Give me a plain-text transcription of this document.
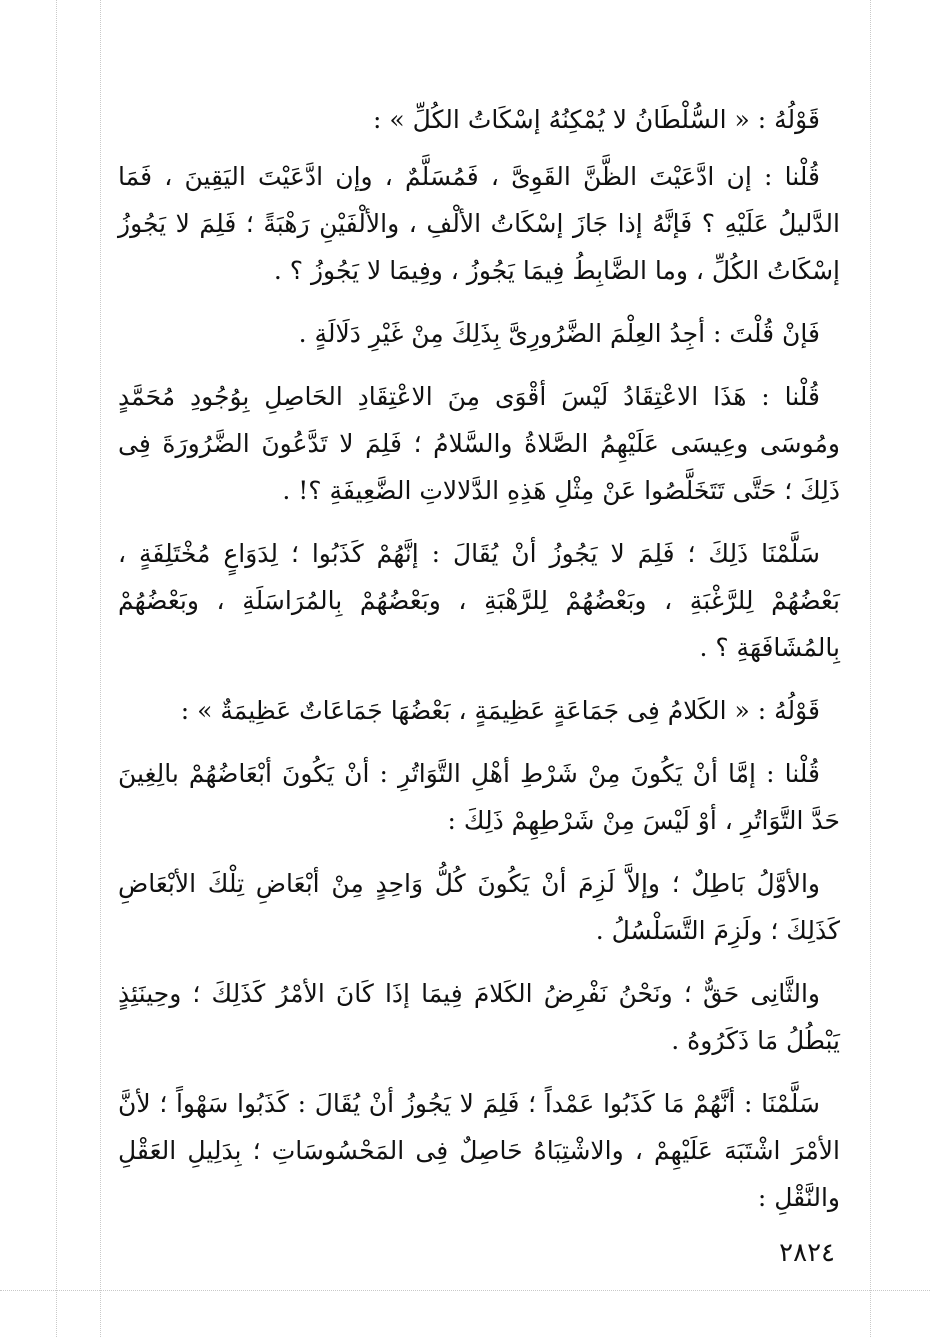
قَوْلُهُ : « السُّلْطَانُ لا يُمْكِنُهُ إسْكَاتُ الكُلِّ » :

قُلْنا : إن ادَّعَيْتَ الظَّنَّ القَوِىَّ ، فَمُسَلَّمٌ ، وإن ادَّعَيْتَ اليَقِينَ ، فَمَا الدَّليلُ عَلَيْهِ ؟ فَإنَّهُ إذا جَازَ إسْكَاتُ الألْفِ ، والألْفَيْنِ رَهْبَةً ؛ فَلِمَ لا يَجُوزُ إسْكَاتُ الكُلِّ ، وما الضَّابِطُ فِيمَا يَجُوزُ ، وفِيمَا لا يَجُوزُ ؟ .

فَإنْ قُلْتَ : أجِدُ العِلْمَ الضَّرُورِىَّ بِذَلِكَ مِنْ غَيْرِ دَلَالَةٍ .

قُلْنا : هَذَا الاعْتِقَادُ لَيْسَ أقْوَى مِنَ الاعْتِقَادِ الحَاصِلِ بِوُجُودِ مُحَمَّدٍ ومُوسَى وعِيسَى عَلَيْهِمُ الصَّلاةُ والسَّلامُ ؛ فَلِمَ لا تَدَّعُونَ الضَّرُورَةَ فِى ذَلِكَ ؛ حَتَّى تَتَخَلَّصُوا عَنْ مِثْلِ هَذِهِ الدَّلالاتِ الضَّعِيفَةِ ؟! .

سَلَّمْنَا ذَلِكَ ؛ فَلِمَ لا يَجُوزُ أنْ يُقَالَ : إنَّهُمْ كَذَبُوا ؛ لِدَوَاعٍ مُخْتَلِفَةٍ ، بَعْضُهُمْ لِلرَّغْبَةِ ، وبَعْضُهُمْ لِلرَّهْبَةِ ، وبَعْضُهُمْ بِالمُرَاسَلَةِ ، وبَعْضُهُمْ بِالمُشَافَهَةِ ؟ .

قَوْلُهُ : « الكَلامُ فِى جَمَاعَةٍ عَظِيمَةٍ ، بَعْضُهَا جَمَاعَاتٌ عَظِيمَةٌ » :

قُلْنا : إمَّا أنْ يَكُونَ مِنْ شَرْطِ أهْلِ التَّوَاتُرِ : أنْ يَكُونَ أبْعَاضُهُمْ بالِغِينَ حَدَّ التَّوَاتُرِ ، أوْ لَيْسَ مِنْ شَرْطِهِمْ ذَلِكَ :

والأوَّلُ بَاطِلٌ ؛ وإلاَّ لَزِمَ أنْ يَكُونَ كُلُّ وَاحِدٍ مِنْ أبْعَاضِ تِلْكَ الأبْعَاضِ كَذَلِكَ ؛ ولَزِمَ التَّسَلْسُلُ .

والثَّانِى حَقٌّ ؛ ونَحْنُ نَفْرِضُ الكَلامَ فِيمَا إذَا كَانَ الأمْرُ كَذَلِكَ ؛ وحِينَئِذٍ يَبْطُلُ مَا ذَكَرُوهُ .

سَلَّمْنَا : أنَّهُمْ مَا كَذَبُوا عَمْداً ؛ فَلِمَ لا يَجُوزُ أنْ يُقَالَ : كَذَبُوا سَهْواً ؛ لأنَّ الأمْرَ اشْتَبَهَ عَلَيْهِمْ ، والاشْتِبَاهُ حَاصِلٌ فِى المَحْسُوسَاتِ ؛ بِدَلِيلِ العَقْلِ والنَّقْلِ :

٢٨٢٤
